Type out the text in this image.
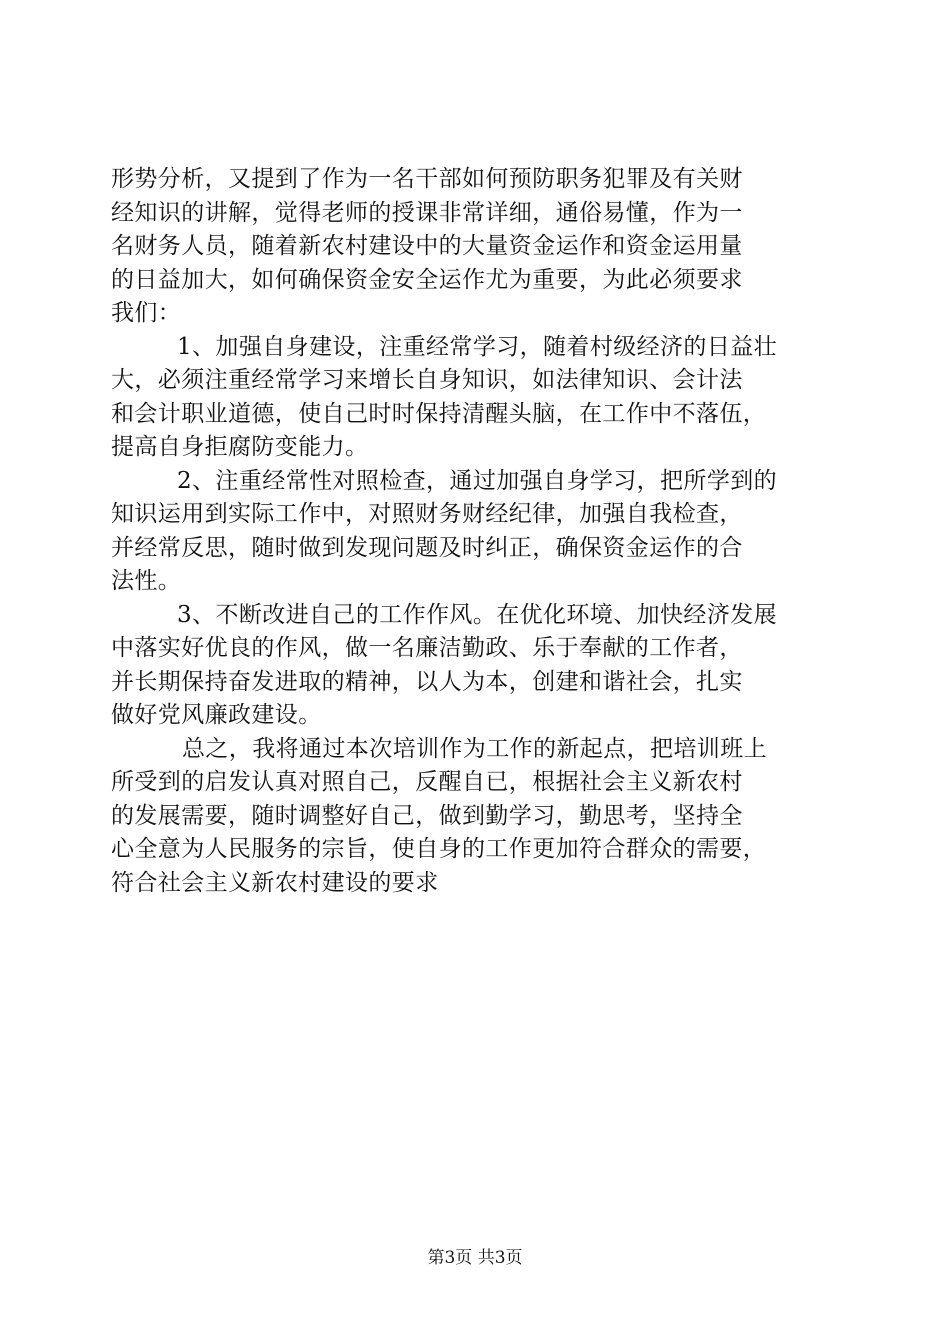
形势分析，又提到了作为一名干部如何预防职务犯罪及有关财
经知识的讲解，觉得老师的授课非常详细，通俗易懂，作为一
名财务人员，随着新农村建设中的大量资金运作和资金运用量
的日益加大，如何确保资金安全运作尤为重要，为此必须要求
我们：
1、加强自身建设，注重经常学习，随着村级经济的日益壮
大，必须注重经常学习来增长自身知识，如法律知识、会计法
和会计职业道德，使自己时时保持清醒头脑，在工作中不落伍，
提高自身拒腐防变能力。
2、注重经常性对照检查，通过加强自身学习，把所学到的
知识运用到实际工作中，对照财务财经纪律，加强自我检查，
并经常反思，随时做到发现问题及时纠正，确保资金运作的合
法性。
3、不断改进自己的工作作风。在优化环境、加快经济发展
中落实好优良的作风，做一名廉洁勤政、乐于奉献的工作者，
并长期保持奋发进取的精神，以人为本，创建和谐社会，扎实
做好党风廉政建设。
总之，我将通过本次培训作为工作的新起点，把培训班上
所受到的启发认真对照自己，反醒自已，根据社会主义新农村
的发展需要，随时调整好自己，做到勤学习，勤思考，坚持全
心全意为人民服务的宗旨，使自身的工作更加符合群众的需要，
符合社会主义新农村建设的要求
第3页 共3页
